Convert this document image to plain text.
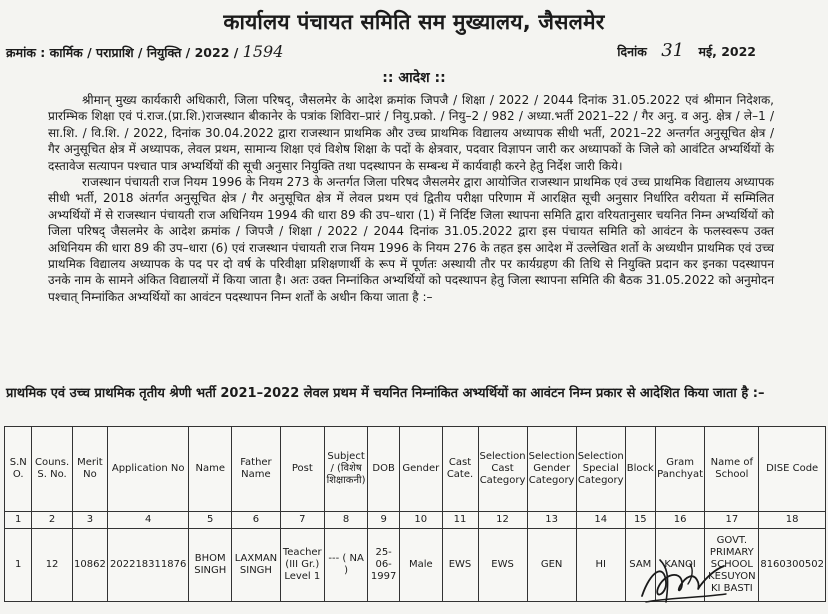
कार्यालय पंचायत समिति सम मुख्यालय, जैसलमेर
क्रमांक : कार्मिक / पराप्राशि / नियुक्ति / 2022 / 1594	दिनांक 31 मई, 2022
:: आदेश ::

श्रीमान् मुख्य कार्यकारी अधिकारी, जिला परिषद्, जैसलमेर के आदेश क्रमांक जिपजै / शिक्षा / 2022 / 2044 दिनांक 31.05.2022 एवं श्रीमान निदेशक, प्रारम्भिक शिक्षा एवं पं.राज.(प्रा.शि.)राजस्थान बीकानेर के पत्रांक शिविरा–प्रारं / नियु.प्रको. / नियु–2 / 982 / अध्या.भर्ती 2021–22 / गैर अनु. व अनु. क्षेत्र / ले–1 / सा.शि. / वि.शि. / 2022, दिनांक 30.04.2022 द्वारा राजस्थान प्राथमिक और उच्च प्राथमिक विद्यालय अध्यापक सीधी भर्ती, 2021–22 अन्तर्गत अनुसूचित क्षेत्र / गैर अनुसूचित क्षेत्र में अध्यापक, लेवल प्रथम, सामान्य शिक्षा एवं विशेष शिक्षा के पदों के क्षेत्रवार, पदवार विज्ञापन जारी कर अध्यापकों के जिले को आवंटित अभ्यर्थियों के दस्तावेज सत्यापन पश्चात पात्र अभ्यर्थियों की सूची अनुसार नियुक्ति तथा पदस्थापन के सम्बन्ध में कार्यवाही करने हेतु निर्देश जारी किये।

राजस्थान पंचायती राज नियम 1996 के नियम 273 के अन्तर्गत जिला परिषद जैसलमेर द्वारा आयोजित राजस्थान प्राथमिक एवं उच्च प्राथमिक विद्यालय अध्यापक सीधी भर्ती, 2018 अंतर्गत अनुसूचित क्षेत्र / गैर अनुसूचित क्षेत्र में लेवल प्रथम एवं द्वितीय परीक्षा परिणाम में आरक्षित सूची अनुसार निर्धारित वरीयता में सम्मिलित अभ्यर्थियों में से राजस्थान पंचायती राज अधिनियम 1994 की धारा 89 की उप–धारा (1) में निर्दिष्ट जिला स्थापना समिति द्वारा वरियतानुसार चयनित निम्न अभ्यर्थियों को जिला परिषद् जैसलमेर के आदेश क्रमांक / जिपजै / शिक्षा / 2022 / 2044 दिनांक 31.05.2022 द्वारा इस पंचायत समिति को आवंटन के फलस्वरूप उक्त अधिनियम की धारा 89 की उप–धारा (6) एवं राजस्थान पंचायती राज नियम 1996 के नियम 276 के तहत इस आदेश में उल्लेखित शर्तो के अध्यधीन प्राथमिक एवं उच्च प्राथमिक विद्यालय अध्यापक के पद पर दो वर्ष के परिवीक्षा प्रशिक्षणार्थी के रूप में पूर्णतः अस्थायी तौर पर कार्यग्रहण की तिथि से नियुक्ति प्रदान कर इनका पदस्थापन उनके नाम के सामने अंकित विद्यालयों में किया जाता है। अतः उक्त निम्नांकित अभ्यर्थियों को पदस्थापन हेतु जिला स्थापना समिति की बैठक 31.05.2022 को अनुमोदन पश्चात् निम्नांकित अभ्यर्थियों का आवंटन पदस्थापन निम्न शर्तों के अधीन किया जाता है :–

प्राथमिक एवं उच्च प्राथमिक तृतीय श्रेणी भर्ती 2021–2022 लेवल प्रथम में चयनित निम्नांकित अभ्यर्थियों का आवंटन निम्न प्रकार से आदेशित किया जाता है :–
S.N O.	Couns. S. No.	Merit No	Application No	Name	Father Name	Post	Subject / (विशेष शिक्षाकनी)	DOB	Gender	Cast Cate.	Selection Cast Category	Selection Gender Category	Selection Special Category	Block	Gram Panchyat	Name of School	DISE Code
1	2	3	4	5	6	7	8	9	10	11	12	13	14	15	16	17	18
1	12	10862	202218311876	BHOM SINGH	LAXMAN SINGH	Teacher (III Gr.) Level 1	--- ( NA )	25-06-1997	Male	EWS	EWS	GEN	HI	SAM	KANOI	GOVT. PRIMARY SCHOOL KESUYON KI BASTI	8160300502
